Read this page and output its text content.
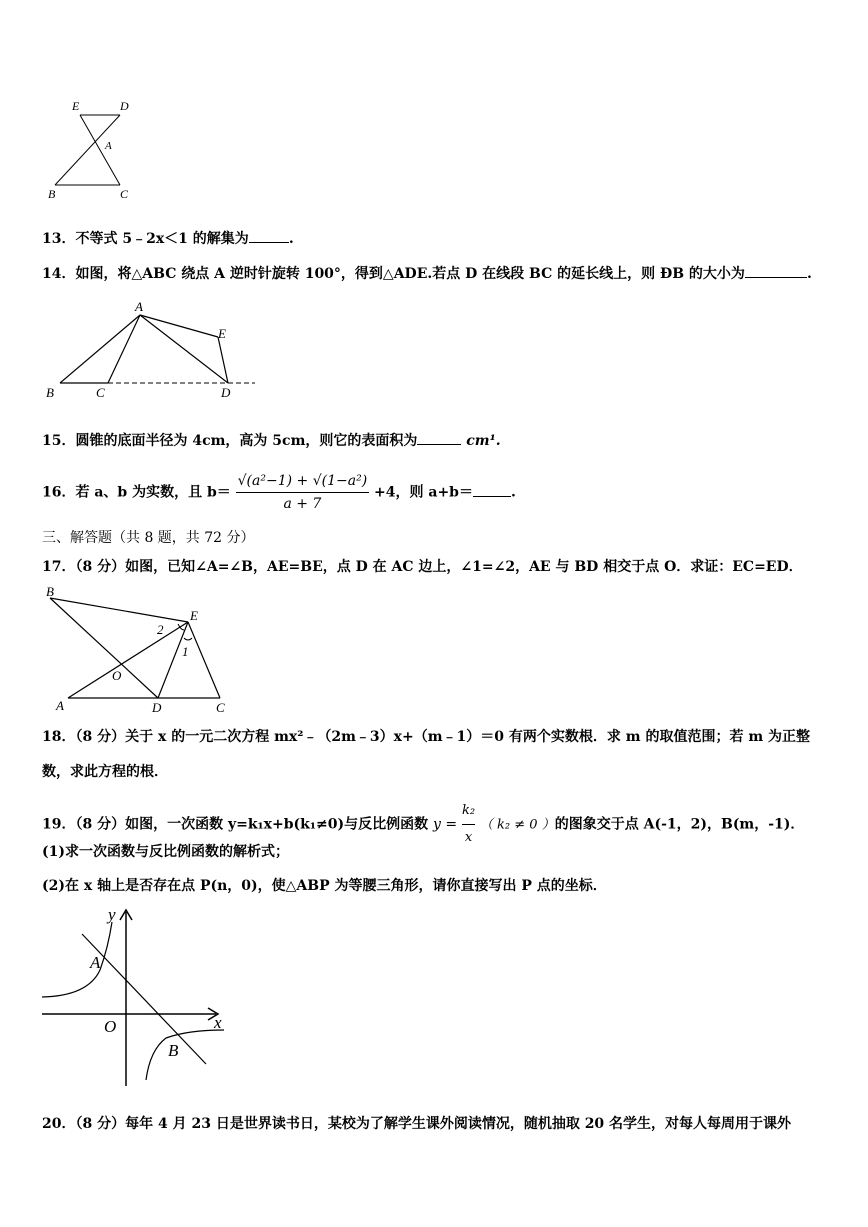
E	D
A
B	C
13．不等式 5﹣2x＜1 的解集为	.
14．如图，将△ABC 绕点 A 逆时针旋转 100°，得到△ADE.若点 D 在线段 BC 的延长线上，则 ÐB 的大小为	.
A
E
B	C	D
15．圆锥的底面半径为 4cm，高为 5cm，则它的表面积为	cm¹.
16．若 a、b 为实数，且 $b= \frac{\text{√(a²−1) + √(1−a²)}}{a + 7} +4$，则 a+b＝	.
三、解答题（共 8 题，共 72 分）
17．（8 分）如图，已知∠A=∠B，AE=BE，点 D 在 AC 边上，∠1=∠2，AE 与 BD 相交于点 O．求证：EC=ED．
B
E
2
1
O
A	D	C
18．（8 分）关于 x 的一元二次方程 mx²﹣（2m﹣3）x+（m﹣1）＝0 有两个实数根．求 m 的取值范围；若 m 为正整
数，求此方程的根．
19．（8 分）如图，一次函数 y=k₁x+b(k₁≠0)与反比例函数 $y = \frac{\text{k₂}}{x}$ （ k₂ ≠ 0 ）的图象交于点 A(-1，2)，B(m，-1)．
(1)求一次函数与反比例函数的解析式；
(2)在 x 轴上是否存在点 P(n，0)，使△ABP 为等腰三角形，请你直接写出 P 点的坐标．
y
x
A
O
B
20．（8 分）每年 4 月 23 日是世界读书日，某校为了解学生课外阅读情况，随机抽取 20 名学生，对每人每周用于课外
